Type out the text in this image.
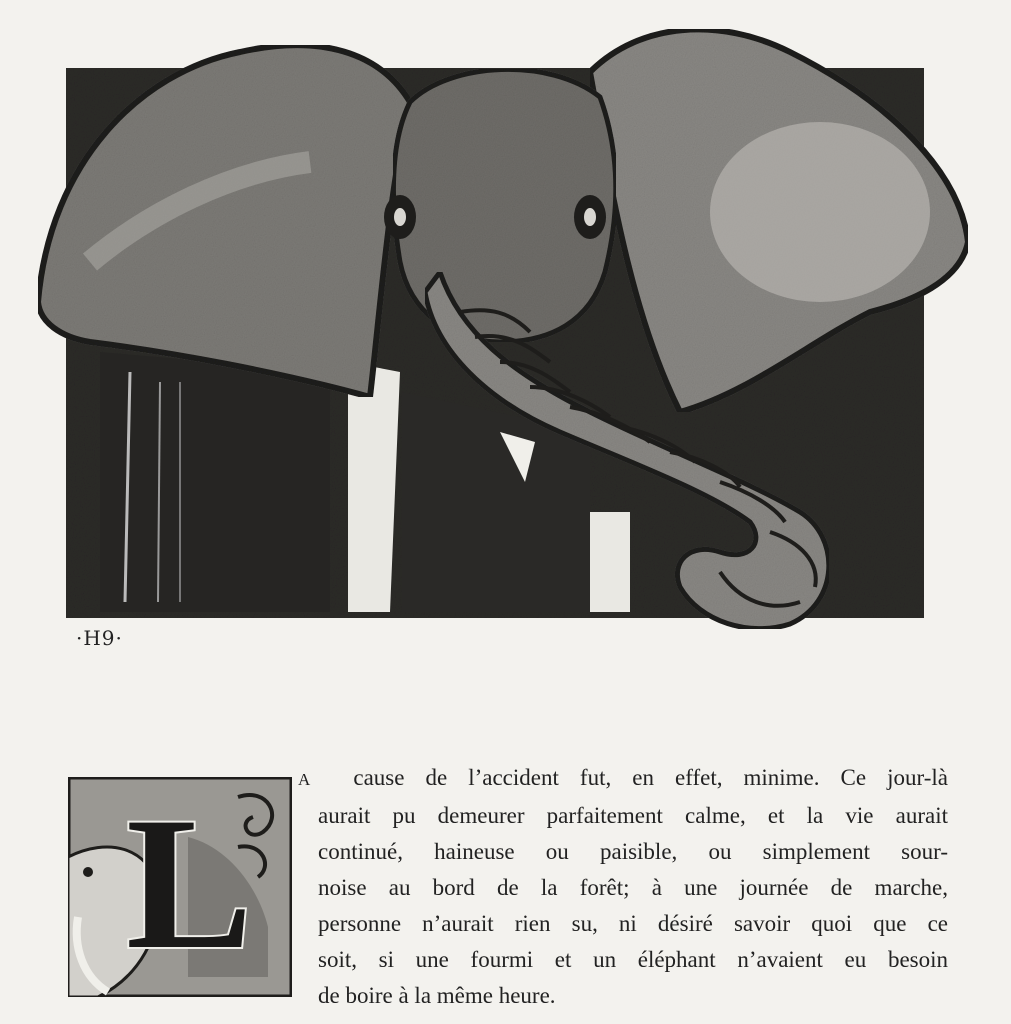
·H9·
L	A cause de l’accident fut, en effet, minime. Ce jour-là
aurait pu demeurer parfaitement calme, et la vie aurait
continué, haineuse ou paisible, ou simplement sour-
noise au bord de la forêt; à une journée de marche,
personne n’aurait rien su, ni désiré savoir quoi que ce
soit, si une fourmi et un éléphant n’avaient eu besoin
de boire à la même heure.
